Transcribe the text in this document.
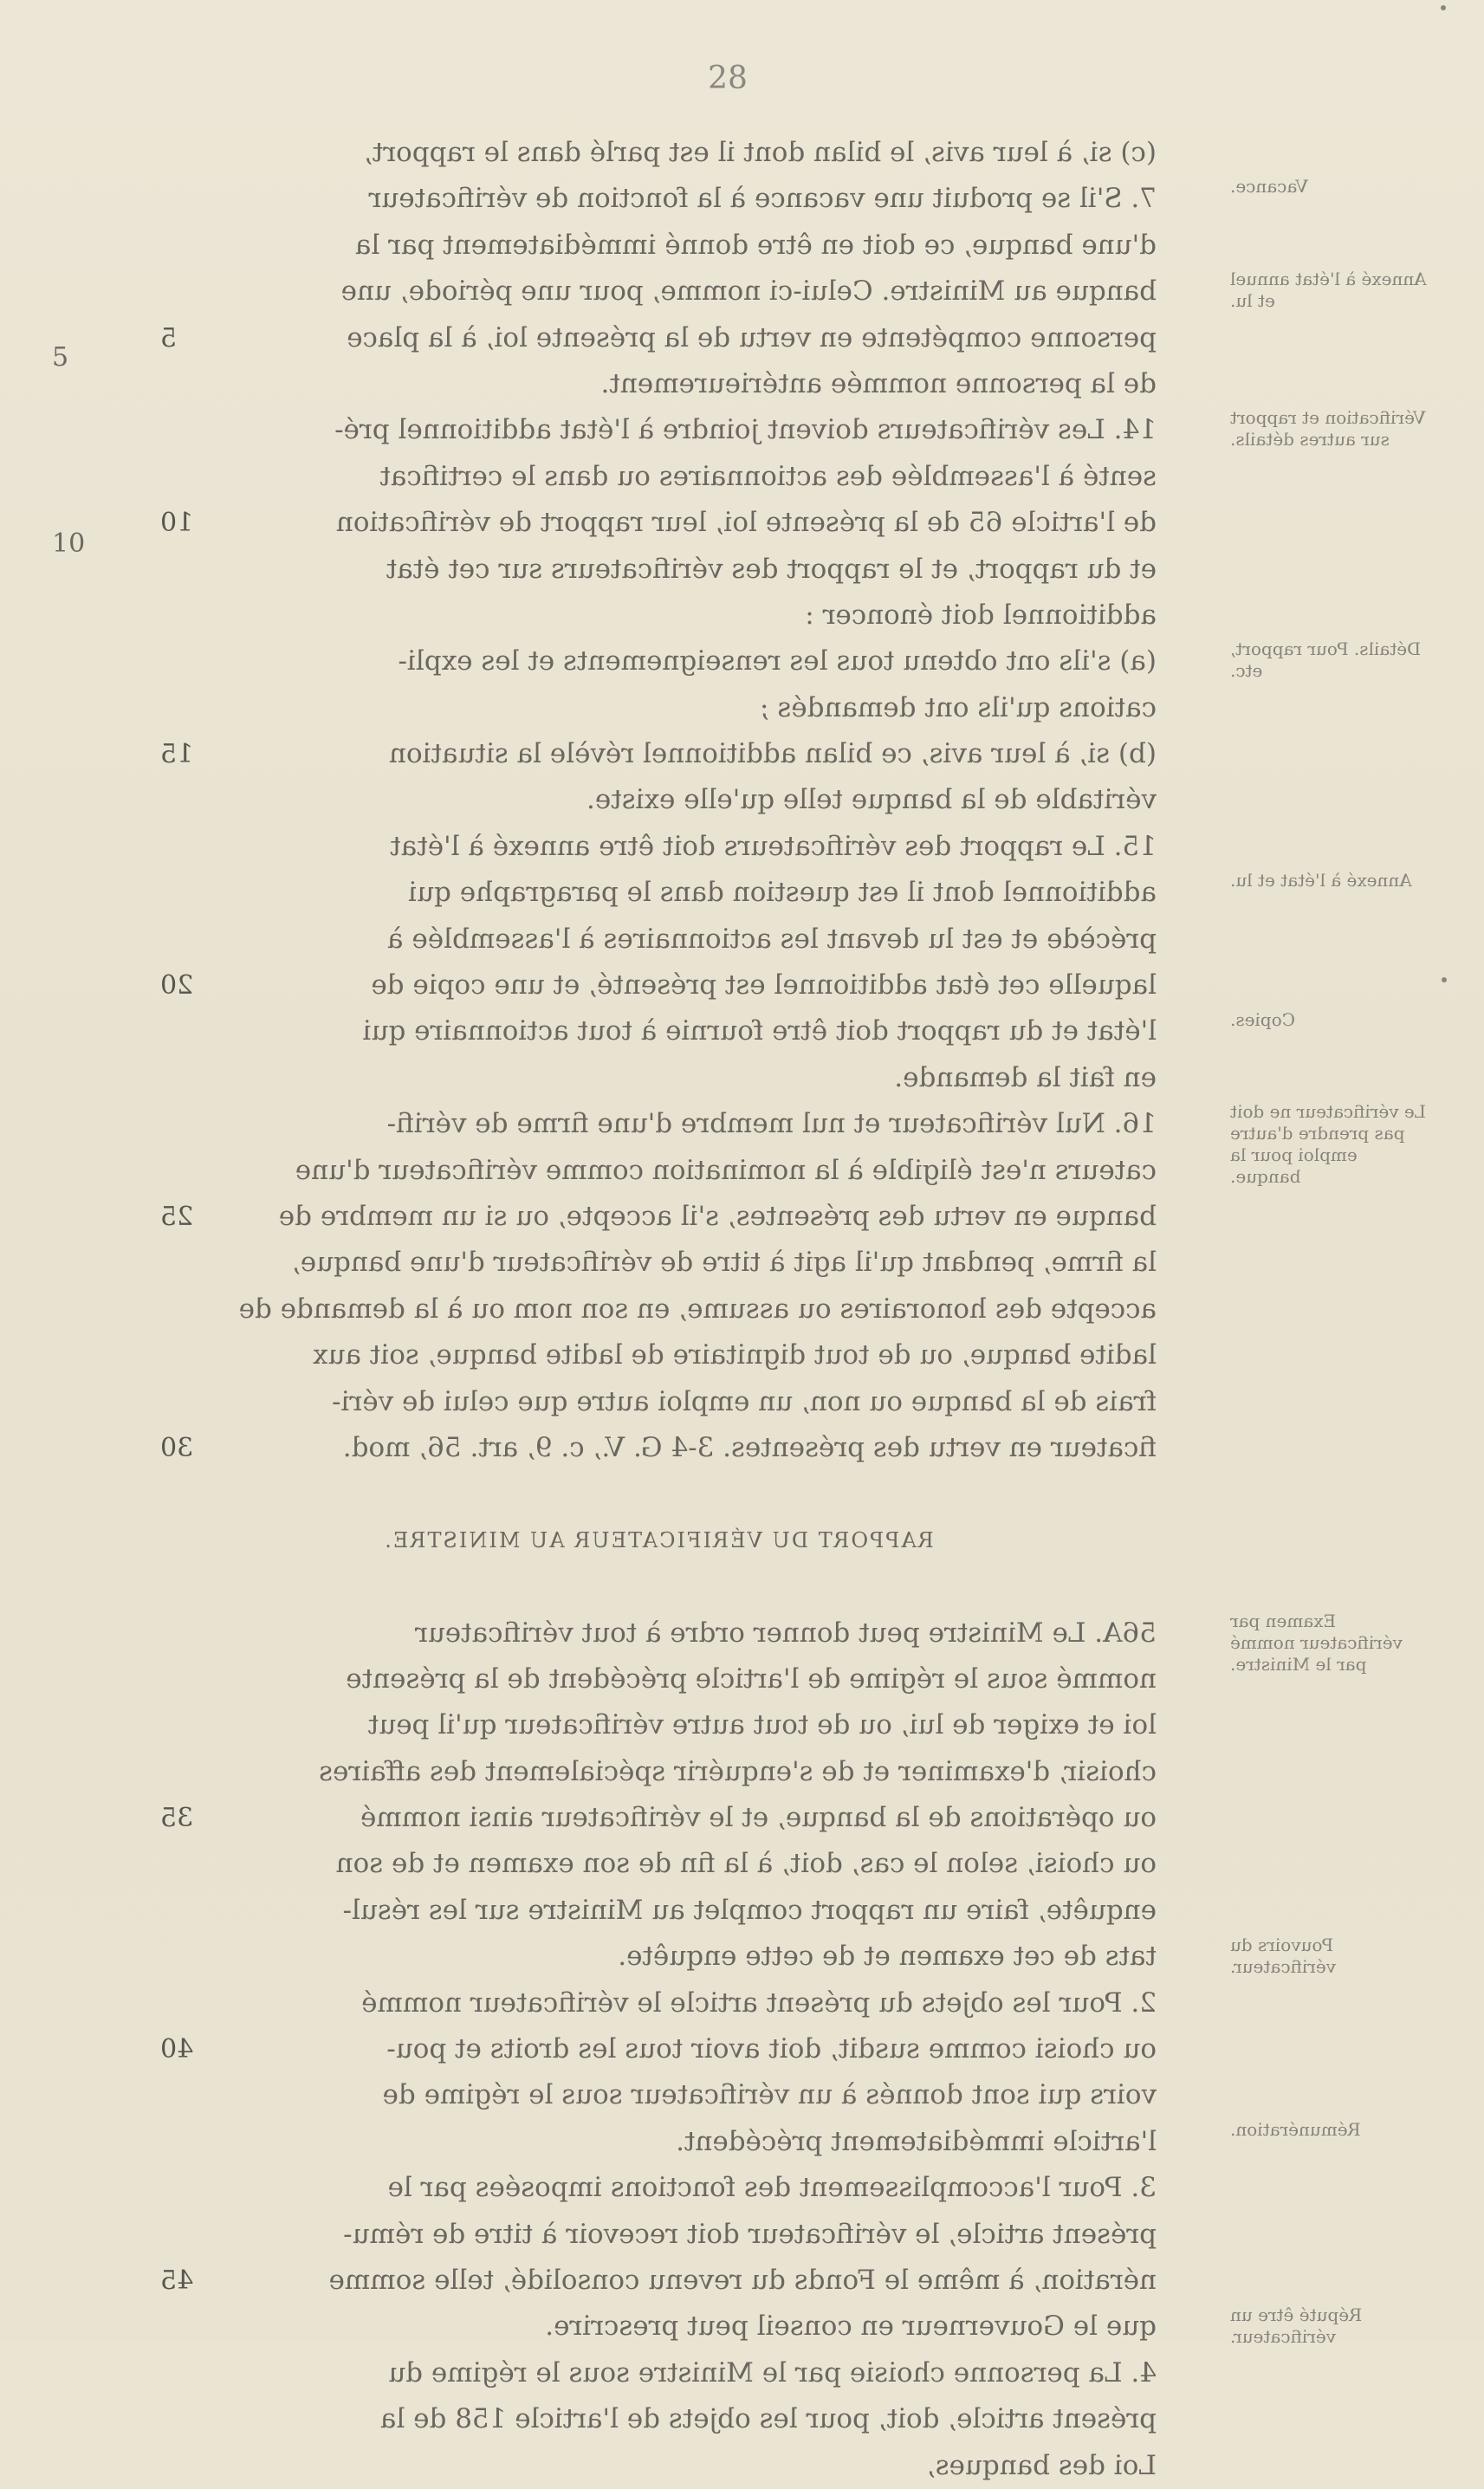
28
5
10
(c) si, à leur avis, le bilan dont il est parlé dans le rapport,
7. S'il se produit une vacance à la fonction de vérificateur
d'une banque, ce doit en être donné immédiatement par la
banque au Ministre. Celui-ci nomme, pour une période, une
personne compétente en vertu de la présente loi, à la place
5
de la personne nommée antérieurement.
14. Les vérificateurs doivent joindre à l'état additionnel pré-
senté à l'assemblée des actionnaires ou dans le certificat
de l'article 65 de la présente loi, leur rapport de vérification
10
et du rapport, et le rapport des vérificateurs sur cet état
additionnel doit énoncer :
(a) s'ils ont obtenu tous les renseignements et les expli-
cations qu'ils ont demandés ;
(b) si, à leur avis, ce bilan additionnel révèle la situation
15
véritable de la banque telle qu'elle existe.
15. Le rapport des vérificateurs doit être annexé à l'état
additionnel dont il est question dans le paragraphe qui
précède et est lu devant les actionnaires à l'assemblée à
laquelle cet état additionnel est présenté, et une copie de
20
l'état et du rapport doit être fournie à tout actionnaire qui
en fait la demande.
16. Nul vérificateur et nul membre d'une firme de vérifi-
cateurs n'est éligible à la nomination comme vérificateur d'une
banque en vertu des présentes, s'il accepte, ou si un membre de
25
la firme, pendant qu'il agit à titre de vérificateur d'une banque,
accepte des honoraires ou assume, en son nom ou à la demande de
ladite banque, ou de tout dignitaire de ladite banque, soit aux
frais de la banque ou non, un emploi autre que celui de véri-
ficateur en vertu des présentes. 3-4 G. V., c. 9, art. 56, mod.
30
RAPPORT DU VÉRIFICATEUR AU MINISTRE.
56A. Le Ministre peut donner ordre à tout vérificateur
nommé sous le régime de l'article précédent de la présente
loi et exiger de lui, ou de tout autre vérificateur qu'il peut
choisir, d'examiner et de s'enquérir spécialement des affaires
ou opérations de la banque, et le vérificateur ainsi nommé
35
ou choisi, selon le cas, doit, à la fin de son examen et de son
enquête, faire un rapport complet au Ministre sur les résul-
tats de cet examen et de cette enquête.
2. Pour les objets du présent article le vérificateur nommé
ou choisi comme susdit, doit avoir tous les droits et pou-
40
voirs qui sont donnés à un vérificateur sous le régime de
l'article immédiatement précédent.
3. Pour l'accomplissement des fonctions imposées par le
présent article, le vérificateur doit recevoir à titre de rému-
nération, à même le Fonds du revenu consolidé, telle somme
45
que le Gouverneur en conseil peut prescrire.
4. La personne choisie par le Ministre sous le régime du
présent article, doit, pour les objets de l'article 158 de la
Loi des banques,
Vacance.
Annexé à l'état annuel et lu.
Vérification et rapport sur autres détails.
Détails. Pour rapport, etc.
Annexé à l'état et lu.
Copies.
Le vérificateur ne doit pas prendre d'autre emploi pour la banque.
Examen par vérificateur nommé par le Ministre.
Pouvoirs du vérificateur.
Rémunération.
Réputé être un vérificateur.
